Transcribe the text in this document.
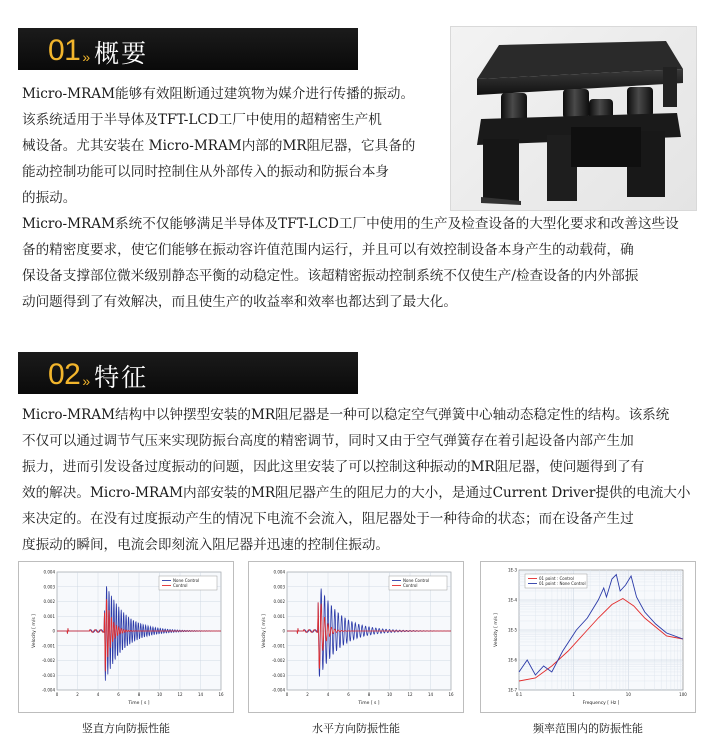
01 » 概要
Micro-MRAM能够有效阻断通过建筑物为媒介进行传播的振动。
该系统适用于半导体及TFT-LCD工厂中使用的超精密生产机
械设备。尤其安装在 Micro-MRAM内部的MR阻尼器，它具备的
能动控制功能可以同时控制住从外部传入的振动和防振台本身
的振动。
Micro-MRAM系统不仅能够满足半导体及TFT-LCD工厂中使用的生产及检查设备的大型化要求和改善这些设
备的精密度要求，使它们能够在振动容许值范围内运行，并且可以有效控制设备本身产生的动载荷，确
保设备支撑部位微米级别静态平衡的动稳定性。该超精密振动控制系统不仅使生产/检查设备的内外部振
动问题得到了有效解决，而且使生产的收益率和效率也都达到了最大化。
02 » 特征
Micro-MRAM结构中以钟摆型安装的MR阻尼器是一种可以稳定空气弹簧中心轴动态稳定性的结构。该系统
不仅可以通过调节气压来实现防振台高度的精密调节，同时又由于空气弹簧存在着引起设备内部产生加
振力，进而引发设备过度振动的问题，因此这里安装了可以控制这种振动的MR阻尼器，使问题得到了有
效的解决。Micro-MRAM内部安装的MR阻尼器产生的阻尼力的大小，是通过Current Driver提供的电流大小
来决定的。在没有过度振动产生的情况下电流不会流入，阻尼器处于一种待命的状态；而在设备产生过
度振动的瞬间，电流会即刻流入阻尼器并迅速的控制住振动。
Velocity [ m/s ]
Time [ s ]
0	2	4	6	8	10	12	14	16
0.004
0.003
0.002
0.001
0
-0.001
-0.002
-0.003
-0.004
None Control
Control
竖直方向防振性能
Velocity [ m/s ]
Time [ s ]
0	2	4	6	8	10	12	14	16
0.004
0.003
0.002
0.001
0
-0.001
-0.002
-0.003
-0.004
None Control
Control
水平方向防振性能
Velocity [ m/s ]
Frequency [ Hz ]
0.1	1	10	100
1E-3
1E-4
1E-5
1E-6
1E-7
01 point : Control
01 point : None Control
频率范围内的防振性能
